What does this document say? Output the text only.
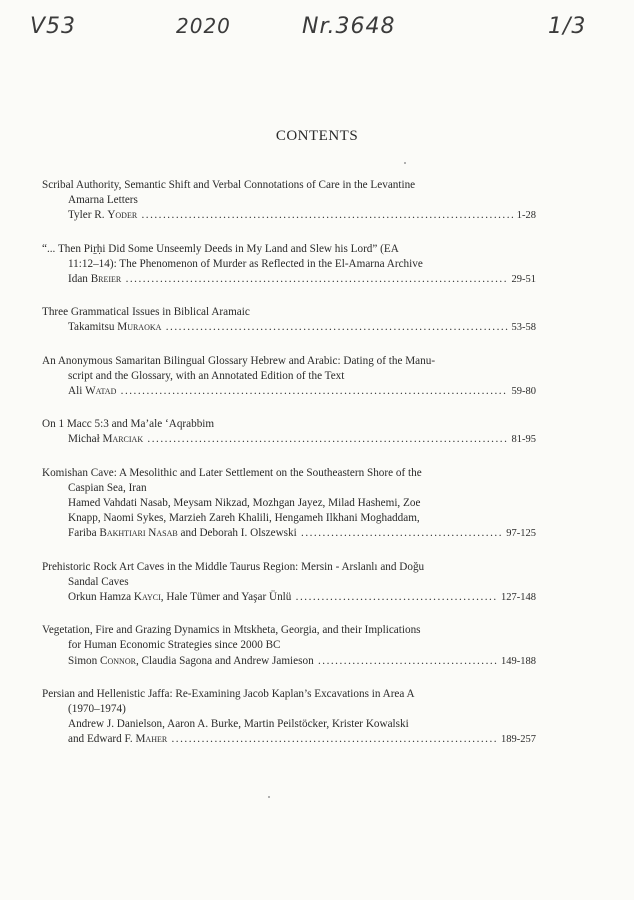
V53	2020	Nr.3648	1/3
CONTENTS
Scribal Authority, Semantic Shift and Verbal Connotations of Care in the Levantine
Amarna Letters
Tyler R. Yoder	1-28
.....
“... Then Piṟḥi Did Some Unseemly Deeds in My Land and Slew his Lord” (EA
11:12–14): The Phenomenon of Murder as Reflected in the El-Amarna Archive
Idan Breier	29-51
.....
Three Grammatical Issues in Biblical Aramaic
Takamitsu Muraoka	53-58
.....
An Anonymous Samaritan Bilingual Glossary Hebrew and Arabic: Dating of the Manu-
script and the Glossary, with an Annotated Edition of the Text
Ali Watad	59-80
.....
On 1 Macc 5:3 and Ma’ale ‘Aqrabbim
Michał Marciak	81-95
.....
Komishan Cave: A Mesolithic and Later Settlement on the Southeastern Shore of the
Caspian Sea, Iran
Hamed Vahdati Nasab, Meysam Nikzad, Mozhgan Jayez, Milad Hashemi, Zoe
Knapp, Naomi Sykes, Marzieh Zareh Khalili, Hengameh Ilkhani Moghaddam,
Fariba Bakhtiari Nasab and Deborah I. Olszewski	97-125
.....
Prehistoric Rock Art Caves in the Middle Taurus Region: Mersin - Arslanlı and Doğu
Sandal Caves
Orkun Hamza Kaycı, Hale Tümer and Yaşar Ünlü	127-148
.....
Vegetation, Fire and Grazing Dynamics in Mtskheta, Georgia, and their Implications
for Human Economic Strategies since 2000 BC
Simon Connor, Claudia Sagona and Andrew Jamieson	149-188
.....
Persian and Hellenistic Jaffa: Re-Examining Jacob Kaplan’s Excavations in Area A
(1970–1974)
Andrew J. Danielson, Aaron A. Burke, Martin Peilstöcker, Krister Kowalski
and Edward F. Maher	189-257
.....
